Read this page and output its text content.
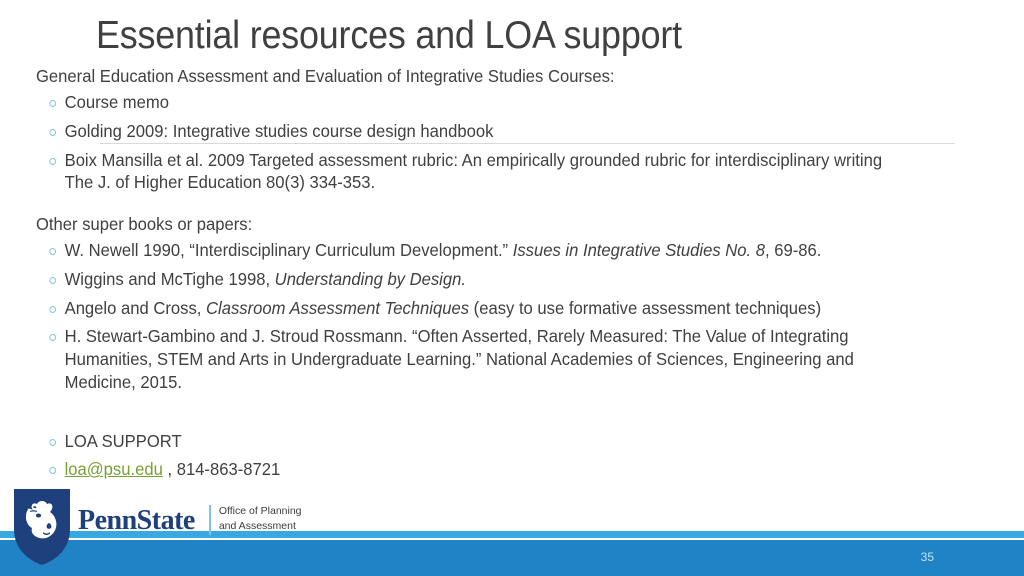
Essential resources and LOA support
General Education Assessment and Evaluation of Integrative Studies Courses:
Course memo
Golding 2009: Integrative studies course design handbook
Boix Mansilla et al. 2009 Targeted assessment rubric: An empirically grounded rubric for interdisciplinary writing The J. of Higher Education 80(3) 334-353.
Other super books or papers:
W. Newell 1990, “Interdisciplinary Curriculum Development.” Issues in Integrative Studies No. 8, 69-86.
Wiggins and McTighe 1998, Understanding by Design.
Angelo and Cross, Classroom Assessment Techniques (easy to use formative assessment techniques)
H. Stewart-Gambino and J. Stroud Rossmann. “Often Asserted, Rarely Measured: The Value of Integrating Humanities, STEM and Arts in Undergraduate Learning.” National Academies of Sciences, Engineering and Medicine, 2015.
LOA SUPPORT
loa@psu.edu , 814-863-8721
35
PennState Office of Planning
and Assessment
